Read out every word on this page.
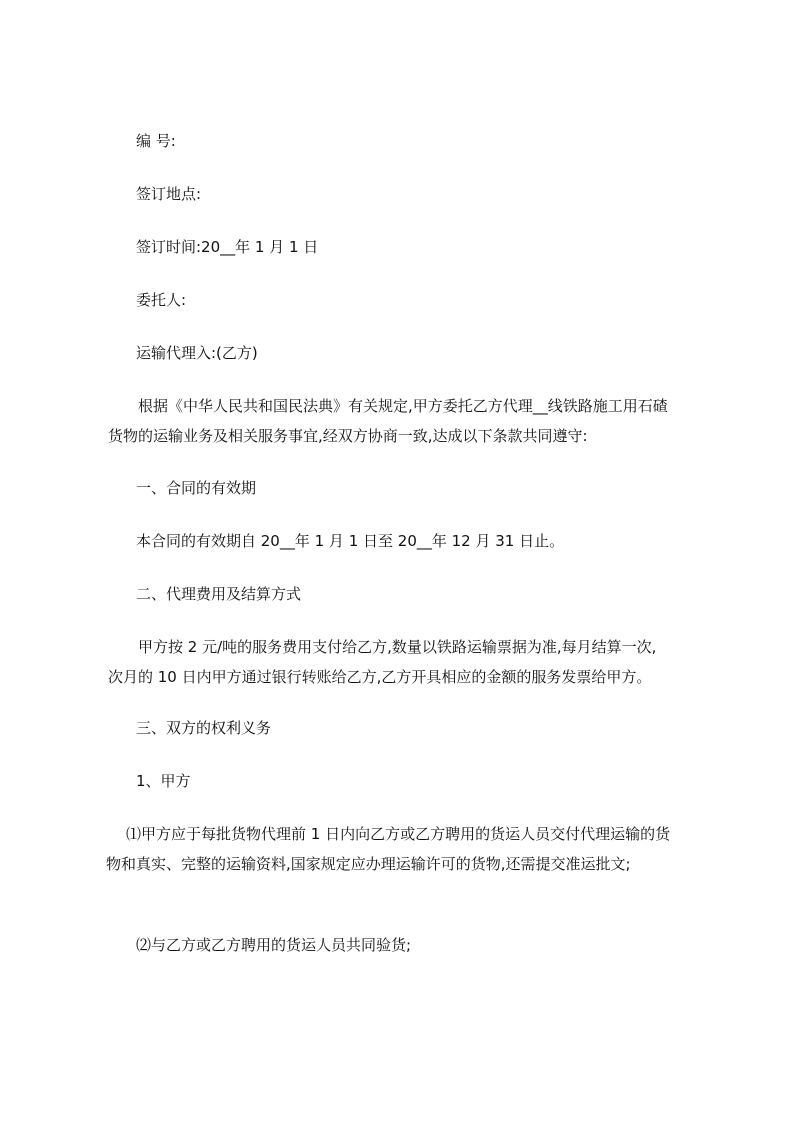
编 号:
签订地点:
签订时间:20__年 1 月 1 日
委托人:
运输代理入:(乙方)

根据《中华人民共和国民法典》有关规定,甲方委托乙方代理__线铁路施工用石碴货物的运输业务及相关服务事宜,经双方协商一致,达成以下条款共同遵守:

一、合同的有效期
本合同的有效期自 20__年 1 月 1 日至 20__年 12 月 31 日止。
二、代理费用及结算方式

甲方按 2 元/吨的服务费用支付给乙方,数量以铁路运输票据为准,每月结算一次,次月的 10 日内甲方通过银行转账给乙方,乙方开具相应的金额的服务发票给甲方。

三、双方的权利义务
1、甲方

⑴甲方应于每批货物代理前 1 日内向乙方或乙方聘用的货运人员交付代理运输的货物和真实、完整的运输资料,国家规定应办理运输许可的货物,还需提交准运批文;

⑵与乙方或乙方聘用的货运人员共同验货;
